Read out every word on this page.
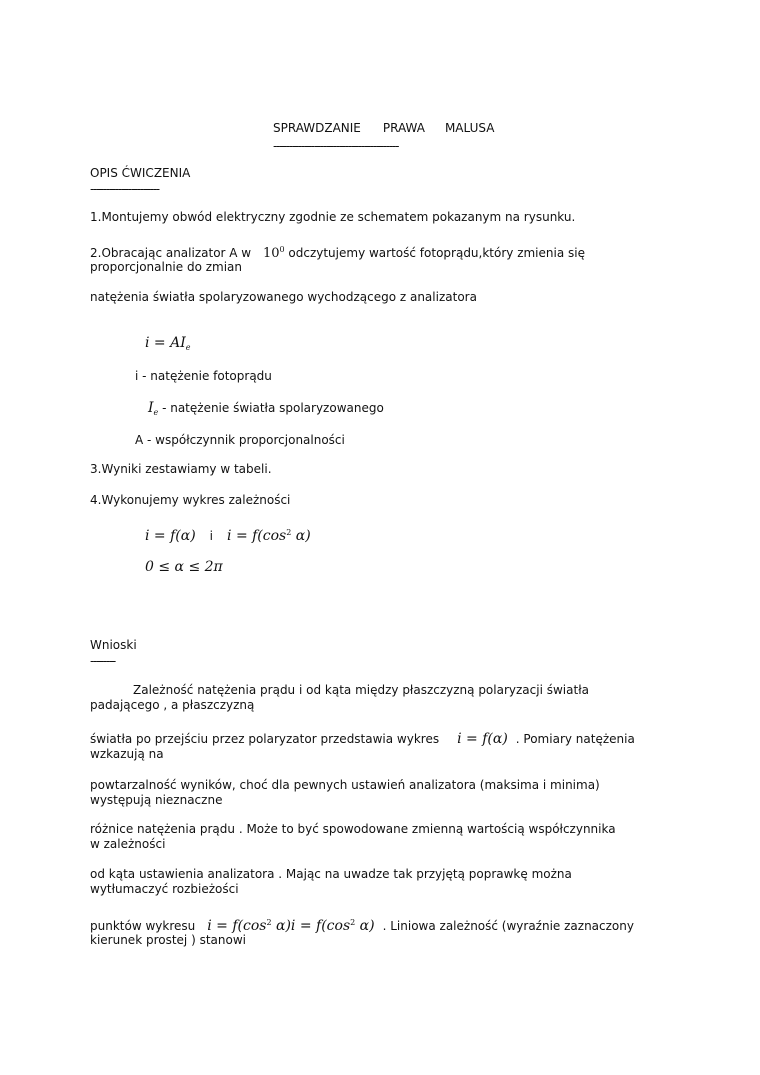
SPRAWDZANIE PRAWA MALUSA
----------------------------------------
OPIS ĆWICZENIA
----------------------
1.Montujemy obwód elektryczny zgodnie ze schematem pokazanym na rysunku.
2.Obracając analizator A w $10^0$ odczytujemy wartość fotoprądu,który zmienia się
proporcjonalnie do zmian
natężenia światła spolaryzowanego wychodzącego z analizatora
$i = AI_e$
i - natężenie fotoprądu
$I_e$ - natężenie światła spolaryzowanego
A - współczynnik proporcjonalności
3.Wyniki zestawiamy w tabeli.
4.Wykonujemy wykres zależności
i = f(α) i $i = f(\cos^2$ α)
0 ≤ α ≤ 2π
Wnioski
--------
Zależność natężenia prądu i od kąta między płaszczyzną polaryzacji światła
padającego , a płaszczyzną
światła po przejściu przez polaryzator przedstawia wykres i = f(α) . Pomiary natężenia
wzkazują na
powtarzalność wyników, choć dla pewnych ustawień analizatora (maksima i minima)
występują nieznaczne
różnice natężenia prądu . Może to być spowodowane zmienną wartością współczynnika
w zależności
od kąta ustawienia analizatora . Mając na uwadze tak przyjętą poprawkę można
wytłumaczyć rozbieżości
punktów wykresu $i = f(\cos^2$ $\alpha)i = f(\cos^2$ α) . Liniowa zależność (wyraźnie zaznaczony
kierunek prostej ) stanowi
